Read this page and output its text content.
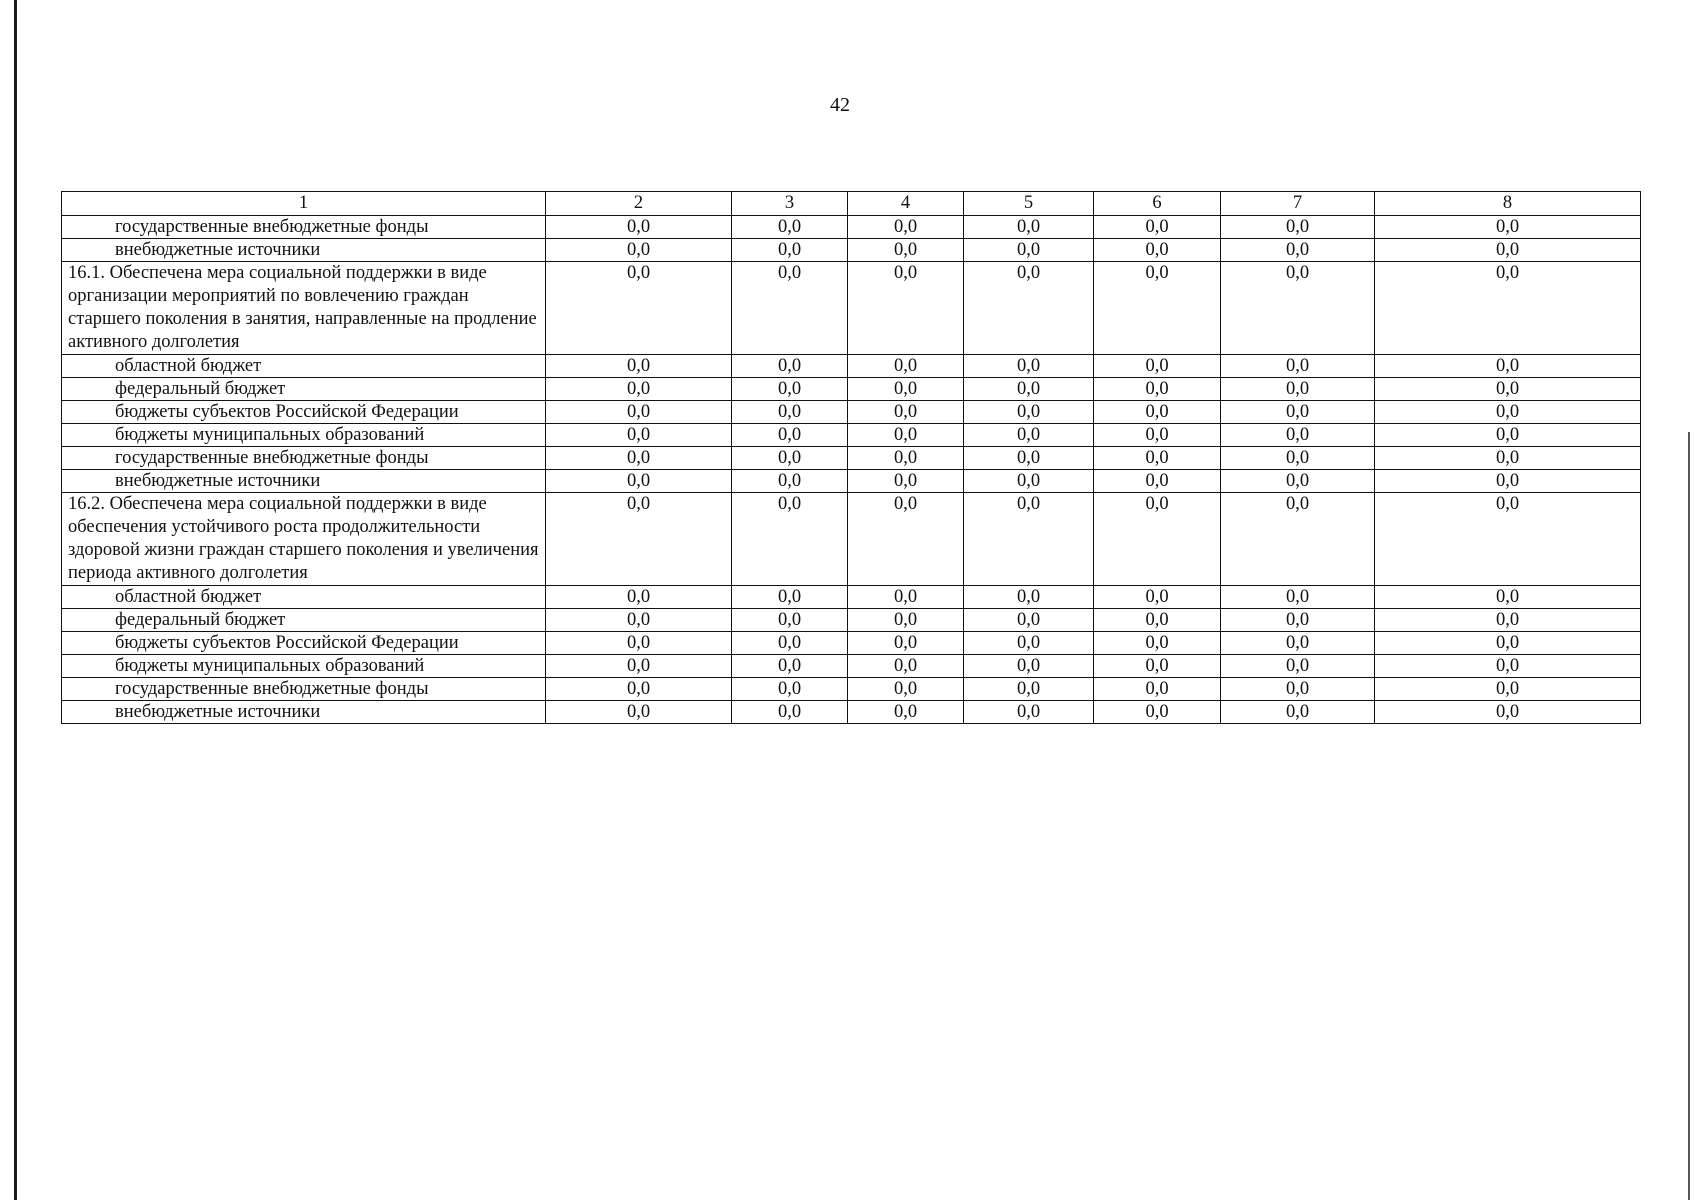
42
1	2	3	4	5	6	7	8
государственные внебюджетные фонды	0,0	0,0	0,0	0,0	0,0	0,0	0,0
внебюджетные источники	0,0	0,0	0,0	0,0	0,0	0,0	0,0
16.1. Обеспечена мера социальной поддержки в виде организации мероприятий по вовлечению граждан старшего поколения в занятия, направленные на продление активного долголетия	0,0	0,0	0,0	0,0	0,0	0,0	0,0
областной бюджет	0,0	0,0	0,0	0,0	0,0	0,0	0,0
федеральный бюджет	0,0	0,0	0,0	0,0	0,0	0,0	0,0
бюджеты субъектов Российской Федерации	0,0	0,0	0,0	0,0	0,0	0,0	0,0
бюджеты муниципальных образований	0,0	0,0	0,0	0,0	0,0	0,0	0,0
государственные внебюджетные фонды	0,0	0,0	0,0	0,0	0,0	0,0	0,0
внебюджетные источники	0,0	0,0	0,0	0,0	0,0	0,0	0,0
16.2. Обеспечена мера социальной поддержки в виде обеспечения устойчивого роста продолжительности здоровой жизни граждан старшего поколения и увеличения периода активного долголетия	0,0	0,0	0,0	0,0	0,0	0,0	0,0
областной бюджет	0,0	0,0	0,0	0,0	0,0	0,0	0,0
федеральный бюджет	0,0	0,0	0,0	0,0	0,0	0,0	0,0
бюджеты субъектов Российской Федерации	0,0	0,0	0,0	0,0	0,0	0,0	0,0
бюджеты муниципальных образований	0,0	0,0	0,0	0,0	0,0	0,0	0,0
государственные внебюджетные фонды	0,0	0,0	0,0	0,0	0,0	0,0	0,0
внебюджетные источники	0,0	0,0	0,0	0,0	0,0	0,0	0,0
